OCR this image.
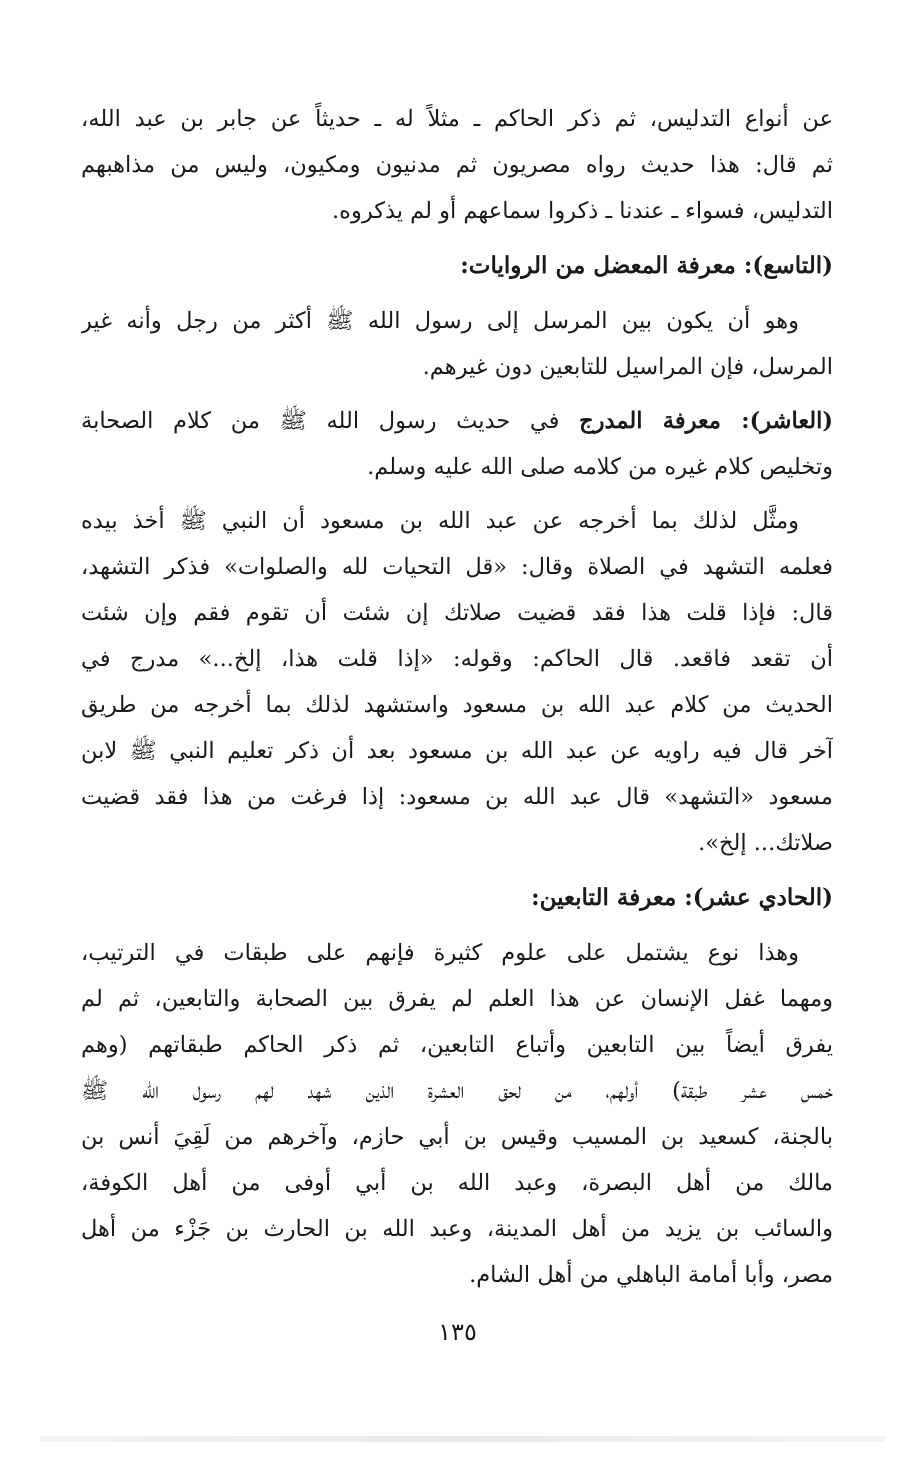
عن أنواع التدليس، ثم ذكر الحاكم ـ مثلاً له ـ حديثاً عن جابر بن عبد الله،
ثم قال: هذا حديث رواه مصريون ثم مدنيون ومكيون، وليس من مذاهبهم
التدليس، فسواء ـ عندنا ـ ذكروا سماعهم أو لم يذكروه.
(التاسع): معرفة المعضل من الروايات:
وهو أن يكون بين المرسل إلى رسول الله ﷺ أكثر من رجل وأنه غير
المرسل، فإن المراسيل للتابعين دون غيرهم.
(العاشر): معرفة المدرج في حديث رسول الله ﷺ من كلام الصحابة
وتخليص كلام غيره من كلامه صلى الله عليه وسلم.
ومثَّل لذلك بما أخرجه عن عبد الله بن مسعود أن النبي ﷺ أخذ بيده
فعلمه التشهد في الصلاة وقال: «قل التحيات لله والصلوات» فذكر التشهد،
قال: فإذا قلت هذا فقد قضيت صلاتك إن شئت أن تقوم فقم وإن شئت
أن تقعد فاقعد. قال الحاكم: وقوله: «إذا قلت هذا، إلخ...» مدرج في
الحديث من كلام عبد الله بن مسعود واستشهد لذلك بما أخرجه من طريق
آخر قال فيه راويه عن عبد الله بن مسعود بعد أن ذكر تعليم النبي ﷺ لابن
مسعود «التشهد» قال عبد الله بن مسعود: إذا فرغت من هذا فقد قضيت
صلاتك... إلخ».
(الحادي عشر): معرفة التابعين:
وهذا نوع يشتمل على علوم كثيرة فإنهم على طبقات في الترتيب،
ومهما غفل الإنسان عن هذا العلم لم يفرق بين الصحابة والتابعين، ثم لم
يفرق أيضاً بين التابعين وأتباع التابعين، ثم ذكر الحاكم طبقاتهم (وهم
خمس عشر طبقة) أولهم، من لحق العشرة الذين شهد لهم رسول الله ﷺ
بالجنة، كسعيد بن المسيب وقيس بن أبي حازم، وآخرهم من لَقِيَ أنس بن
مالك من أهل البصرة، وعبد الله بن أبي أوفى من أهل الكوفة،
والسائب بن يزيد من أهل المدينة، وعبد الله بن الحارث بن جَزْء من أهل
مصر، وأبا أمامة الباهلي من أهل الشام.
١٣٥
